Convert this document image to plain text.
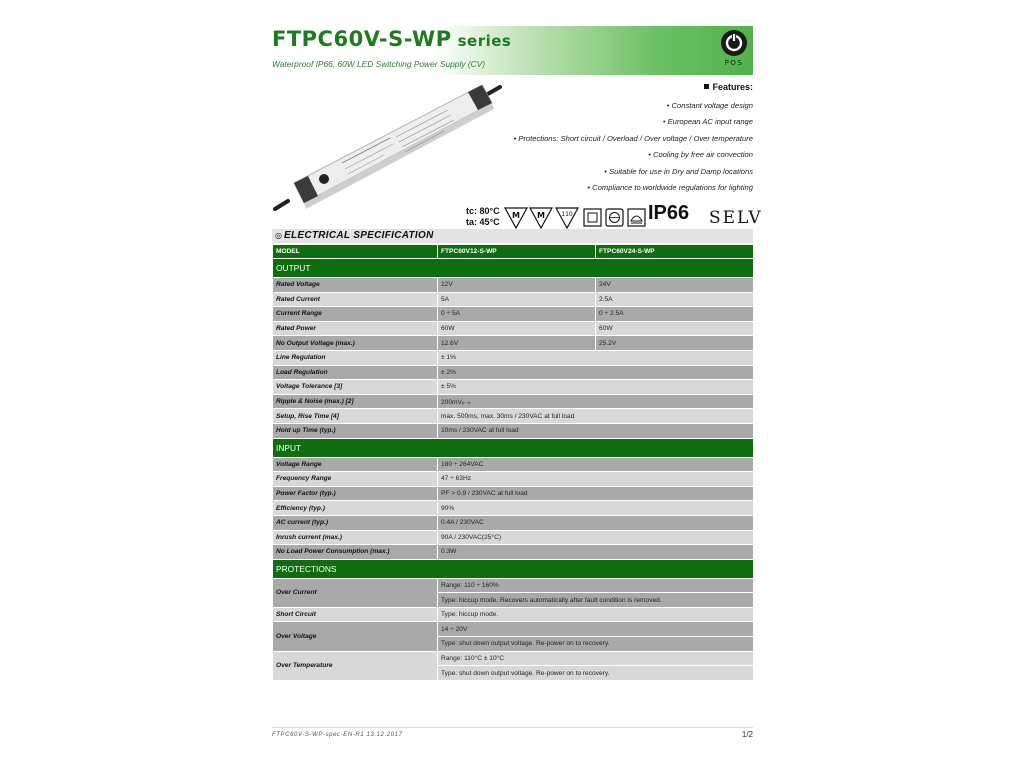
FTPC60V-S-WP series
Waterproof IP66, 60W LED Switching Power Supply (CV)	POS
Features:
• Constant voltage design
• European AC input range
• Protections: Short circuit / Overload / Over voltage / Over temperature
• Cooling by free air convection
• Suitable for use in Dry and Damp locations
• Compliance to worldwide regulations for lighting
tc: 80°C
ta: 45°C
M M	110	IP66 SELV
◎ ELECTRICAL SPECIFICATION
MODEL	FTPC60V12-S-WP	FTPC60V24-S-WP
OUTPUT		
Rated Voltage	12V	24V
Rated Current	5A	2.5A
Current Range	0 ÷ 5A	0 ÷ 2.5A
Rated Power	60W	60W
No Output Voltage (max.)	12.6V	25.2V
Line Regulation	± 1%	
Load Regulation	± 2%	
Voltage Tolerance [3]	± 5%	
Ripple & Noise (max.) [2]	200mVₚ₋ₚ	
Setup, Rise Time [4]	max. 500ms, max. 30ms / 230VAC at full load	
Hold up Time (typ.)	10ms / 230VAC at full load	
INPUT		
Voltage Range	180 ÷ 264VAC	
Frequency Range	47 ÷ 63Hz	
Power Factor (typ.)	PF > 0.9 / 230VAC at full load	
Efficiency (typ.)	90%	
AC current (typ.)	0.4A / 230VAC	
Inrush current (max.)	90A / 230VAC(25°C)	
No Load Power Consumption (max.)	0.3W	
PROTECTIONS		
Over Current	Range: 110 ÷ 160%	
	Type: hiccup mode. Recovers automatically after fault condition is removed.	
Short Circuit	Type: hiccup mode.	
Over Voltage	14 ÷ 20V	
	Type: shut down output voltage. Re-power on to recovery.	
Over Temperature	Range: 110°C ± 10°C	
	Type: shut down output voltage. Re-power on to recovery.	
FTPC60V-S-WP-spec-EN-R1 13.12.2017	1/2
